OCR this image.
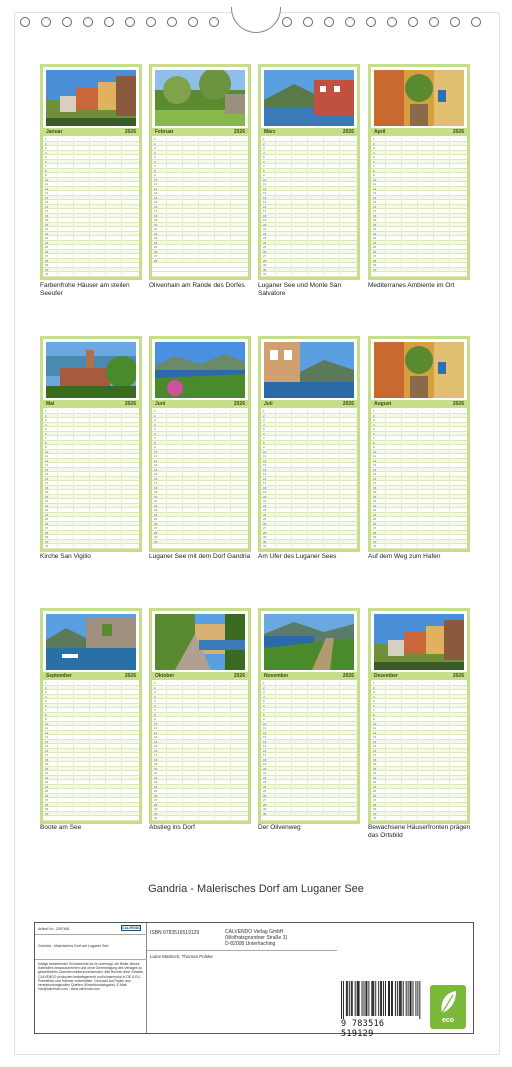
Januar	2026
1
2
3
4
5
6
7
8
9
10
11
12
13
14
15
16
17
18
19
20
21
22
23
24
25
26
27
28
29
30
31
Farbenfrohe Häuser am steilen Seeufer
Februar	2026
1
2
3
4
5
6
7
8
9
10
11
12
13
14
15
16
17
18
19
20
21
22
23
24
25
26
27
28
Olivenhain am Rande des Dorfes
März	2026
1
2
3
4
5
6
7
8
9
10
11
12
13
14
15
16
17
18
19
20
21
22
23
24
25
26
27
28
29
30
31
Luganer See und Monte San Salvatore
April	2026
1
2
3
4
5
6
7
8
9
10
11
12
13
14
15
16
17
18
19
20
21
22
23
24
25
26
27
28
29
30
Mediterranes Ambiente im Ort
Mai	2026
1
2
3
4
5
6
7
8
9
10
11
12
13
14
15
16
17
18
19
20
21
22
23
24
25
26
27
28
29
30
31
Kirche San Vigilio
Juni	2026
1
2
3
4
5
6
7
8
9
10
11
12
13
14
15
16
17
18
19
20
21
22
23
24
25
26
27
28
29
30
Luganer See mit dem Dorf Gandria
Juli	2026
1
2
3
4
5
6
7
8
9
10
11
12
13
14
15
16
17
18
19
20
21
22
23
24
25
26
27
28
29
30
31
Am Ufer des Luganer Sees
August	2026
1
2
3
4
5
6
7
8
9
10
11
12
13
14
15
16
17
18
19
20
21
22
23
24
25
26
27
28
29
30
31
Auf dem Weg zum Hafen
September	2026
1
2
3
4
5
6
7
8
9
10
11
12
13
14
15
16
17
18
19
20
21
22
23
24
25
26
27
28
29
30
Boote am See
Oktober	2026
1
2
3
4
5
6
7
8
9
10
11
12
13
14
15
16
17
18
19
20
21
22
23
24
25
26
27
28
29
30
31
Abstieg ins Dorf
November	2026
1
2
3
4
5
6
7
8
9
10
11
12
13
14
15
16
17
18
19
20
21
22
23
24
25
26
27
28
29
30
Der Olivenweg
Dezember	2026
1
2
3
4
5
6
7
8
9
10
11
12
13
14
15
16
17
18
19
20
21
22
23
24
25
26
27
28
29
30
31
Bewachsene Häuserfronten prägen das Ortsbild
Gandria - Malerisches Dorf am Luganer See
Artikel-Nr.: 2097691	CALVENDO
Gandria - Malerisches Dorf am Luganer See
Infolge bestehender Schutzrechte ist es untersagt, die Bilder dieses Kalenders herauszutrennen und ohne Genehmigung des Verlages zu gewerblichen Zwecken weiterzuverwenden. Alle Rechte ohne Gewähr. CALVENDO produziert bedarfsgerecht und klimaneutral in DE & EU. Preisfehler und Irrtümer vorbehalten. Gedruckt auf Papier aus verantwortungsvollen Quellen (Einzeldruckabgabe). E-Mail: info@calvendo.com · www.calvendo.com
ISBN 9783516519129	CALVENDO Verlag GmbH
(Wolfratsgrundner Straße 3)
D-82008 Unterhaching
Liane Matrisch, Thomas Polske
9 783516 519129
eco
